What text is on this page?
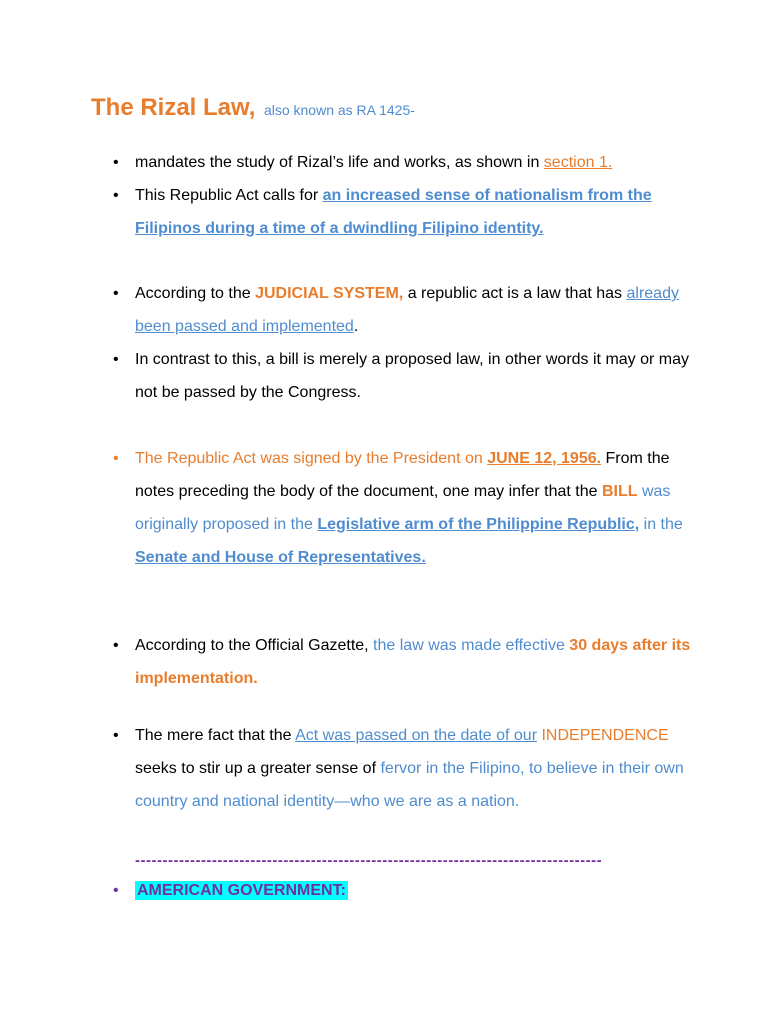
The Rizal Law, also known as RA 1425-
• mandates the study of Rizal’s life and works, as shown in section 1.
• This Republic Act calls for an increased sense of nationalism from the Filipinos during a time of a dwindling Filipino identity.
• According to the JUDICIAL SYSTEM, a republic act is a law that has already been passed and implemented.
• In contrast to this, a bill is merely a proposed law, in other words it may or may not be passed by the Congress.
• The Republic Act was signed by the President on JUNE 12, 1956. From the notes preceding the body of the document, one may infer that the BILL was originally proposed in the Legislative arm of the Philippine Republic, in the Senate and House of Representatives.
• According to the Official Gazette, the law was made effective 30 days after its implementation.
• The mere fact that the Act was passed on the date of our INDEPENDENCE seeks to stir up a greater sense of fervor in the Filipino, to believe in their own country and national identity—who we are as a nation.
-------------------------------------------------------------------------------------
• AMERICAN GOVERNMENT:
